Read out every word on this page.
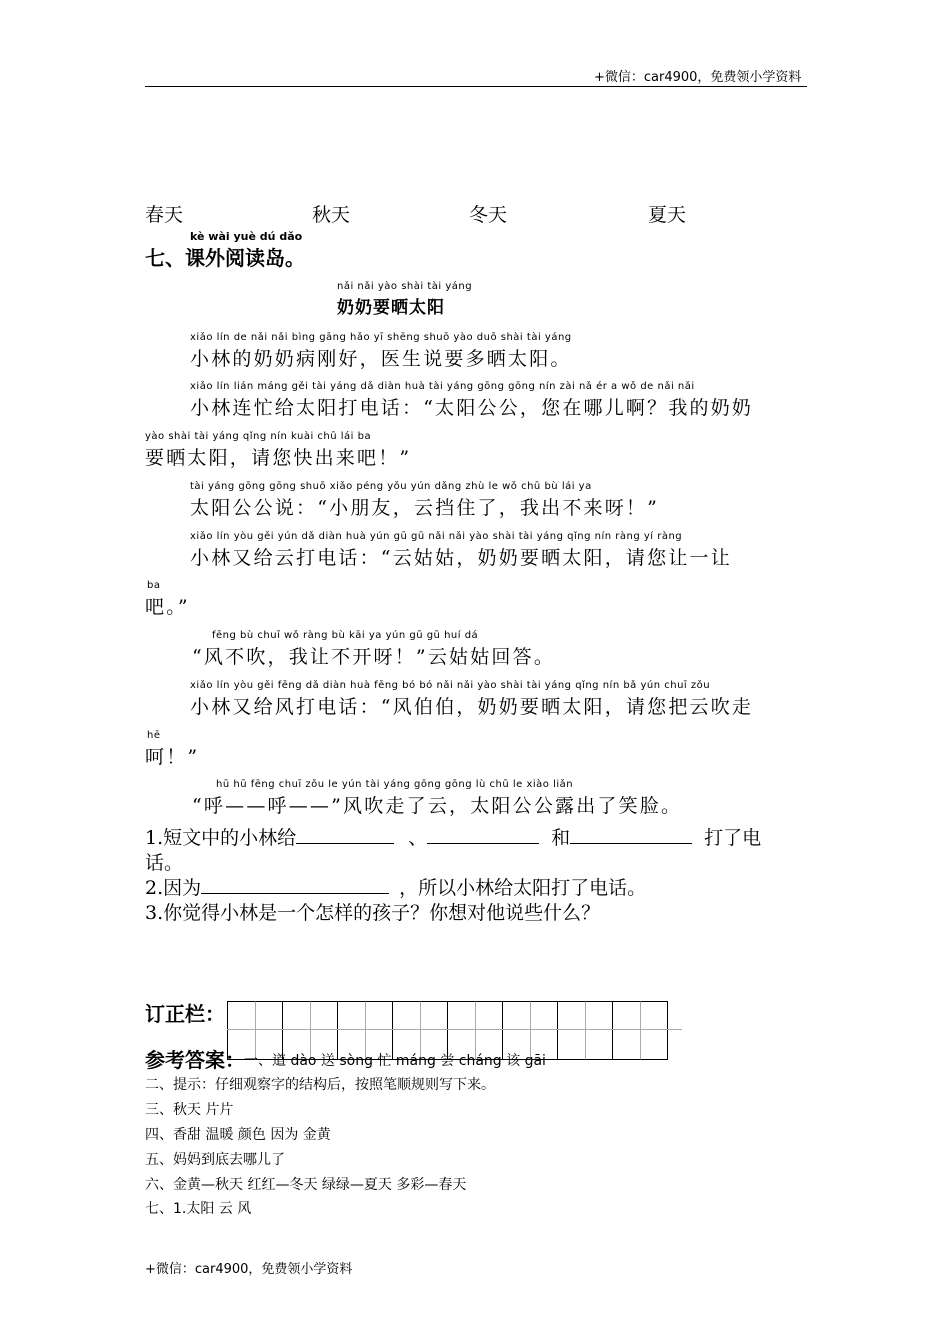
+微信：car4900，免费领小学资料
春天	秋天	冬天	夏天
kè wài yuè dú dǎo
七、课外阅读岛。
nǎi nǎi yào shài tài yáng
奶奶要晒太阳
xiǎo lín de nǎi nǎi bìng gāng hǎo yī shēng shuō yào duō shài tài yáng
小林的奶奶病刚好，医生说要多晒太阳。
xiǎo lín lián máng gěi tài yáng dǎ diàn huà tài yáng gōng gōng nín zài nǎ ér a wǒ de nǎi nǎi
小林连忙给太阳打电话：“太阳公公，您在哪儿啊？我的奶奶
yào shài tài yáng qǐng nín kuài chū lái ba
要晒太阳，请您快出来吧！”
tài yáng gōng gōng shuō xiǎo péng yǒu yún dǎng zhù le wǒ chū bù lái ya
太阳公公说：“小朋友，云挡住了，我出不来呀！”
xiǎo lín yòu gěi yún dǎ diàn huà yún gū gū nǎi nǎi yào shài tài yáng qǐng nín ràng yí ràng
小林又给云打电话：“云姑姑，奶奶要晒太阳，请您让一让
ba
吧。”
fēng bù chuī wǒ ràng bù kāi ya yún gū gū huí dá
“风不吹，我让不开呀！”云姑姑回答。
xiǎo lín yòu gěi fēng dǎ diàn huà fēng bó bó nǎi nǎi yào shài tài yáng qǐng nín bǎ yún chuī zǒu
小林又给风打电话：“风伯伯，奶奶要晒太阳，请您把云吹走
hē
呵！”
hū hū fēng chuī zǒu le yún tài yáng gōng gōng lù chū le xiào liǎn
“呼——呼——”风吹走了云，太阳公公露出了笑脸。
1.短文中的小林给	、	和	打了电
话。
2.因为	，所以小林给太阳打了电话。
3.你觉得小林是一个怎样的孩子？你想对他说些什么？
订正栏：
参考答案： 一、道 dào 送 sòng 忙 máng 尝 cháng 该 gāi
二、提示：仔细观察字的结构后，按照笔顺规则写下来。
三、秋天 片片
四、香甜 温暖 颜色 因为 金黄
五、妈妈到底去哪儿了
六、金黄—秋天 红红—冬天 绿绿—夏天 多彩—春天
七、1.太阳 云 风
+微信：car4900，免费领小学资料
